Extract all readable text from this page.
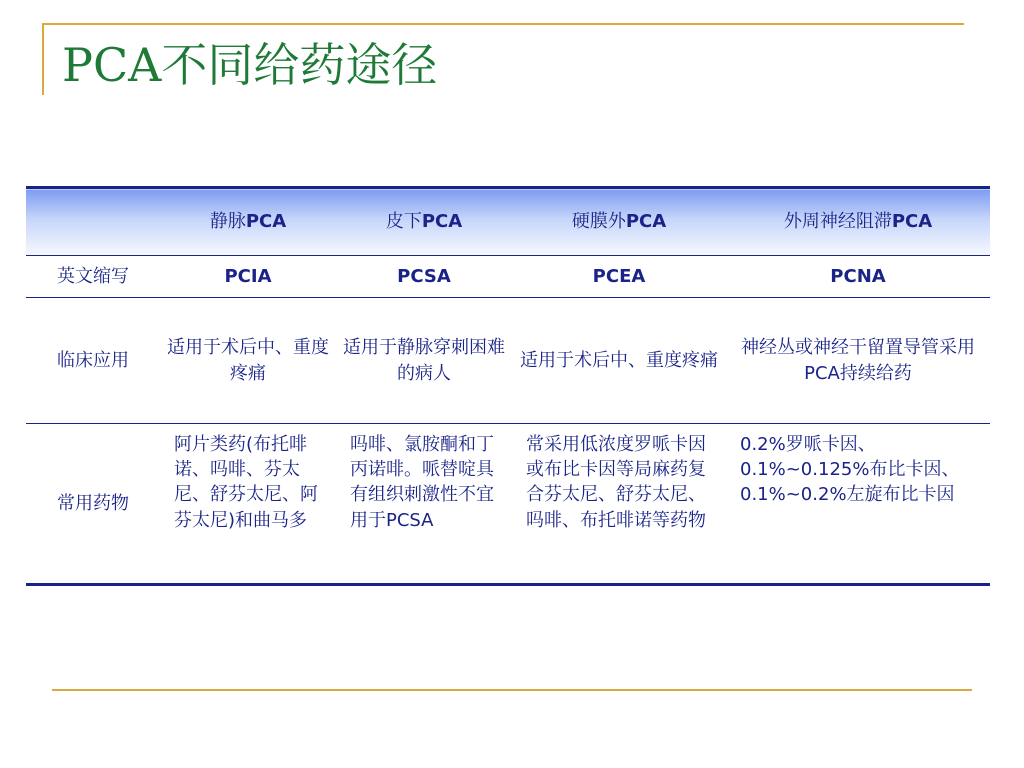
PCA不同给药途径
	静脉PCA	皮下PCA	硬膜外PCA	外周神经阻滞PCA
英文缩写	PCIA	PCSA	PCEA	PCNA
临床应用	适用于术后中、重度疼痛	适用于静脉穿刺困难的病人	适用于术后中、重度疼痛	神经丛或神经干留置导管采用PCA持续给药
常用药物	阿片类药(布托啡诺、吗啡、芬太尼、舒芬太尼、阿芬太尼)和曲马多	吗啡、氯胺酮和丁丙诺啡。哌替啶具有组织刺激性不宜用于PCSA	常采用低浓度罗哌卡因或布比卡因等局麻药复合芬太尼、舒芬太尼、吗啡、布托啡诺等药物	0.2%罗哌卡因、0.1%~0.125%布比卡因、0.1%~0.2%左旋布比卡因
